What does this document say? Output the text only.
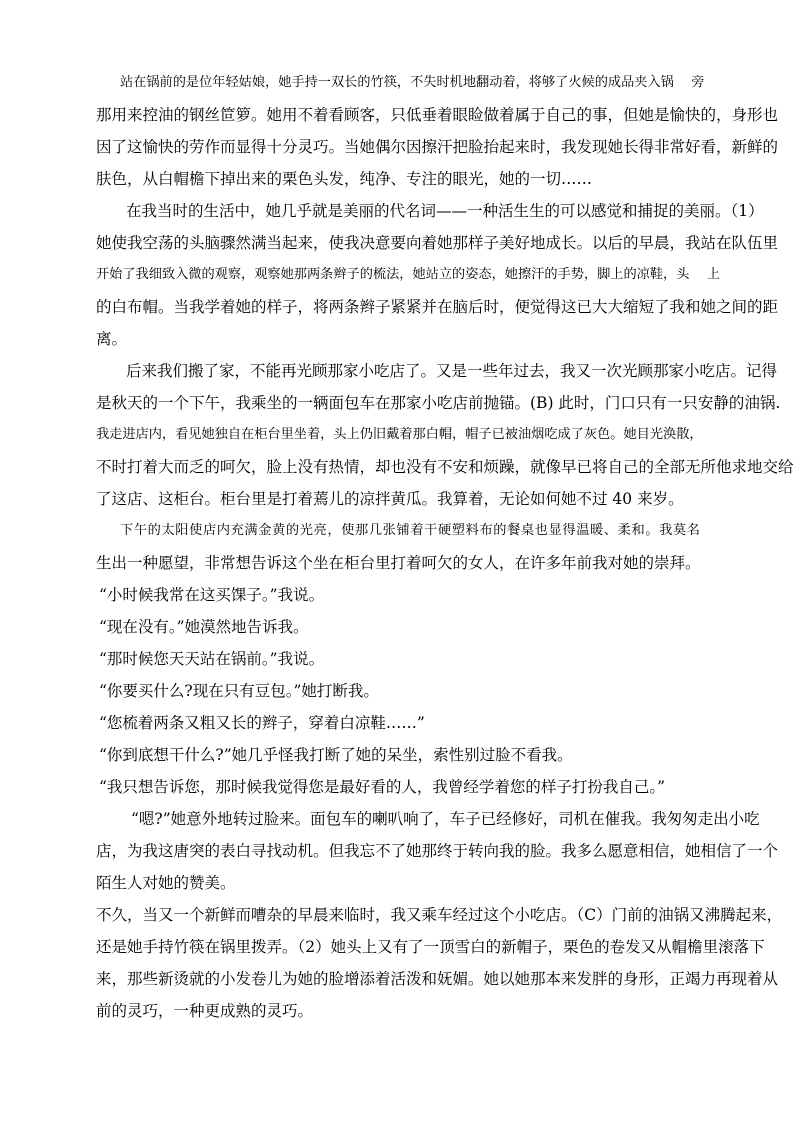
站在锅前的是位年轻姑娘，她手持一双长的竹筷，不失时机地翻动着，将够了火候的成品夹入锅　 旁
那用来控油的钢丝笸箩。她用不着看顾客，只低垂着眼睑做着属于自己的事，但她是愉快的，身形也
因了这愉快的劳作而显得十分灵巧。当她偶尔因擦汗把脸抬起来时，我发现她长得非常好看，新鲜的
肤色，从白帽檐下掉出来的栗色头发，纯净、专注的眼光，她的一切……
在我当时的生活中，她几乎就是美丽的代名词——一种活生生的可以感觉和捕捉的美丽。（1）
她使我空荡的头脑骤然满当起来，使我决意要向着她那样子美好地成长。以后的早晨，我站在队伍里
开始了我细致入微的观察，观察她那两条辫子的梳法，她站立的姿态，她擦汗的手势，脚上的凉鞋，头　 上
的白布帽。当我学着她的样子，将两条辫子紧紧并在脑后时，便觉得这已大大缩短了我和她之间的距
离。
后来我们搬了家，不能再光顾那家小吃店了。又是一些年过去，我又一次光顾那家小吃店。记得
是秋天的一个下午，我乘坐的一辆面包车在那家小吃店前抛锚。(B) 此时，门口只有一只安静的油锅.
我走进店内，看见她独自在柜台里坐着，头上仍旧戴着那白帽，帽子已被油烟吃成了灰色。她目光涣散，
不时打着大而乏的呵欠，脸上没有热情，却也没有不安和烦躁，就像早已将自己的全部无所他求地交给
了这店、这柜台。柜台里是打着蔫儿的凉拌黄瓜。我算着，无论如何她不过 40 来岁。
下午的太阳使店内充满金黄的光亮，使那几张铺着干硬塑料布的餐桌也显得温暖、柔和。我莫名
生出一种愿望，非常想告诉这个坐在柜台里打着呵欠的女人，在许多年前我对她的崇拜。
“小时候我常在这买馃子。”我说。
“现在没有。”她漠然地告诉我。
“那时候您天天站在锅前。”我说。
“你要买什么?现在只有豆包。”她打断我。
“您梳着两条又粗又长的辫子，穿着白凉鞋……”
“你到底想干什么?”她几乎怪我打断了她的呆坐，索性别过脸不看我。
“我只想告诉您，那时候我觉得您是最好看的人，我曾经学着您的样子打扮我自己。”
“嗯?”她意外地转过脸来。面包车的喇叭响了，车子已经修好，司机在催我。我匆匆走出小吃
店，为我这唐突的表白寻找动机。但我忘不了她那终于转向我的脸。我多么愿意相信，她相信了一个
陌生人对她的赞美。
不久，当又一个新鲜而嘈杂的早晨来临时，我又乘车经过这个小吃店。（C）门前的油锅又沸腾起来，
还是她手持竹筷在锅里拨弄。（2）她头上又有了一顶雪白的新帽子，栗色的卷发又从帽檐里滚落下
来，那些新烫就的小发卷儿为她的脸增添着活泼和妩媚。她以她那本来发胖的身形，正竭力再现着从
前的灵巧，一种更成熟的灵巧。
